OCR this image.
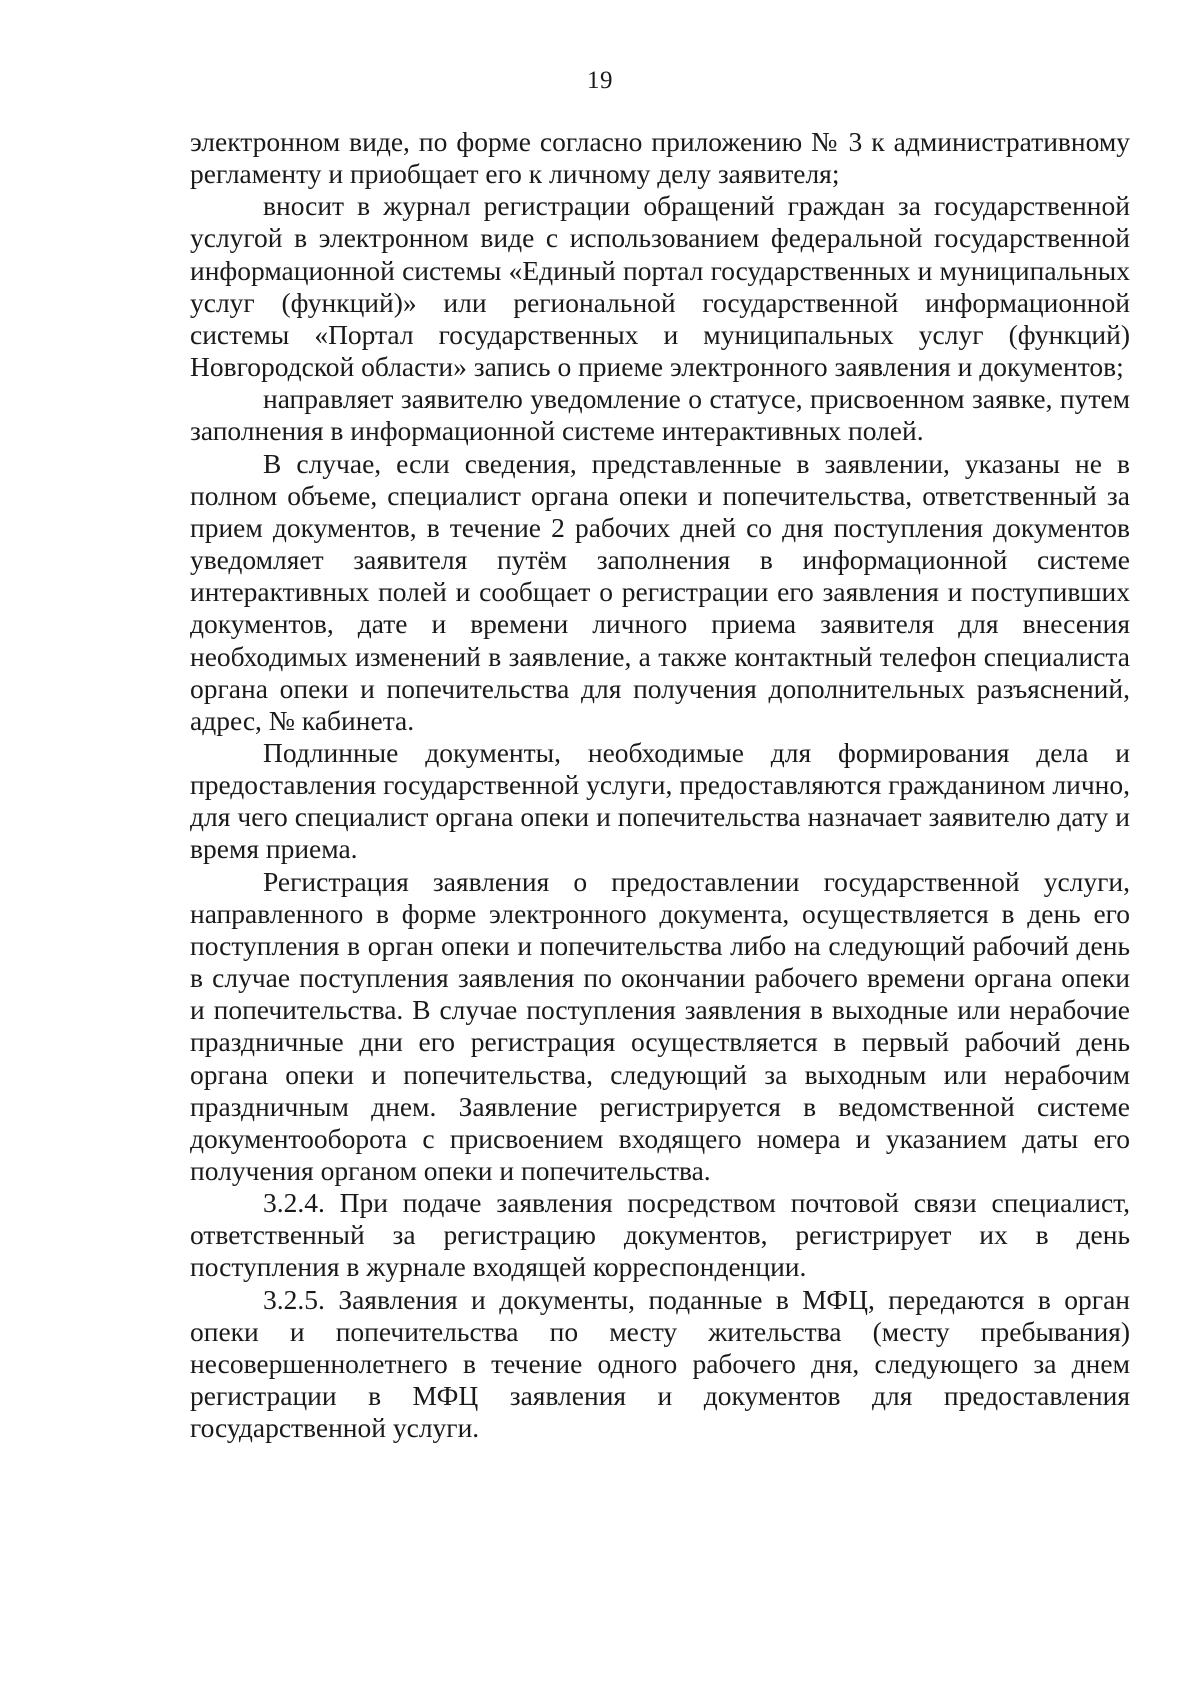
19

электронном виде, по форме согласно приложению № 3 к административному регламенту и приобщает его к личному делу заявителя;

вносит в журнал регистрации обращений граждан за государственной услугой в электронном виде с использованием федеральной государственной информационной системы «Единый портал государственных и муниципальных услуг (функций)» или региональной государственной информационной системы «Портал государственных и муниципальных услуг (функций) Новгородской области» запись о приеме электронного заявления и документов;

направляет заявителю уведомление о статусе, присвоенном заявке, путем заполнения в информационной системе интерактивных полей.

В случае, если сведения, представленные в заявлении, указаны не в полном объеме, специалист органа опеки и попечительства, ответственный за прием документов, в течение 2 рабочих дней со дня поступления документов уведомляет заявителя путём заполнения в информационной системе интерактивных полей и сообщает о регистрации его заявления и поступивших документов, дате и времени личного приема заявителя для внесения необходимых изменений в заявление, а также контактный телефон специалиста органа опеки и попечительства для получения дополнительных разъяснений, адрес, № кабинета.

Подлинные документы, необходимые для формирования дела и предоставления государственной услуги, предоставляются гражданином лично, для чего специалист органа опеки и попечительства назначает заявителю дату и время приема.

Регистрация заявления о предоставлении государственной услуги, направленного в форме электронного документа, осуществляется в день его поступления в орган опеки и попечительства либо на следующий рабочий день в случае поступления заявления по окончании рабочего времени органа опеки и попечительства. В случае поступления заявления в выходные или нерабочие праздничные дни его регистрация осуществляется в первый рабочий день органа опеки и попечительства, следующий за выходным или нерабочим праздничным днем. Заявление регистрируется в ведомственной системе документооборота с присвоением входящего номера и указанием даты его получения органом опеки и попечительства.

3.2.4. При подаче заявления посредством почтовой связи специалист, ответственный за регистрацию документов, регистрирует их в день поступления в журнале входящей корреспонденции.

3.2.5. Заявления и документы, поданные в МФЦ, передаются в орган опеки и попечительства по месту жительства (месту пребывания) несовершеннолетнего в течение одного рабочего дня, следующего за днем регистрации в МФЦ заявления и документов для предоставления государственной услуги.
